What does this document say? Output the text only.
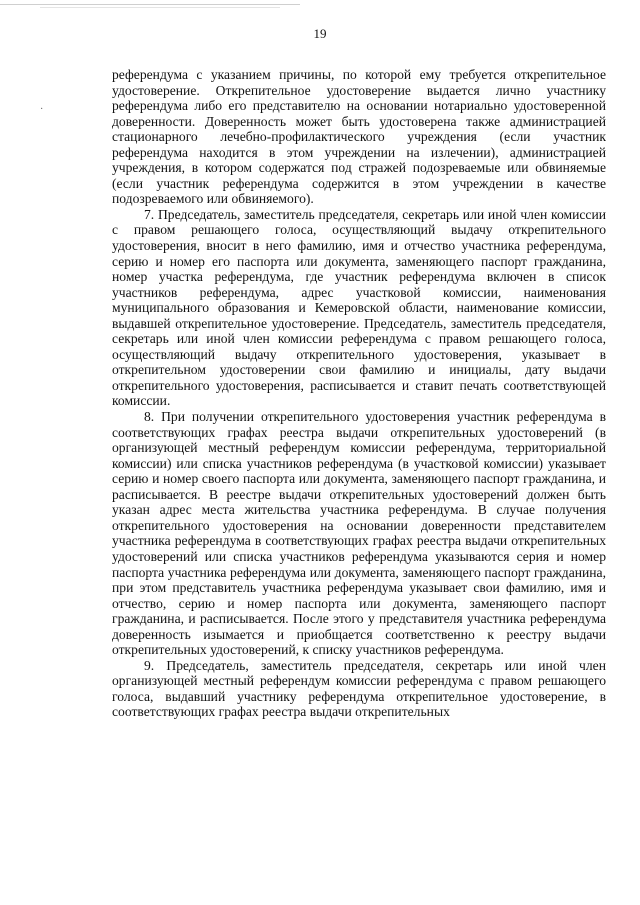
·
19

референдума с указанием причины, по которой ему требуется открепительное удостоверение. Открепительное удостоверение выдается лично участнику референдума либо его представителю на основании нотариально удостоверенной доверенности. Доверенность может быть удостоверена также администрацией стационарного лечебно-профилактического учреждения (если участник референдума находится в этом учреждении на излечении), администрацией учреждения, в котором содержатся под стражей подозреваемые или обвиняемые (если участник референдума содержится в этом учреждении в качестве подозреваемого или обвиняемого).

7. Председатель, заместитель председателя, секретарь или иной член комиссии с правом решающего голоса, осуществляющий выдачу открепительного удостоверения, вносит в него фамилию, имя и отчество участника референдума, серию и номер его паспорта или документа, заменяющего паспорт гражданина, номер участка референдума, где участник референдума включен в список участников референдума, адрес участковой комиссии, наименования муниципального образования и Кемеровской области, наименование комиссии, выдавшей открепительное удостоверение. Председатель, заместитель председателя, секретарь или иной член комиссии референдума с правом решающего голоса, осуществляющий выдачу открепительного удостоверения, указывает в открепительном удостоверении свои фамилию и инициалы, дату выдачи открепительного удостоверения, расписывается и ставит печать соответствующей комиссии.

8. При получении открепительного удостоверения участник референдума в соответствующих графах реестра выдачи открепительных удостоверений (в организующей местный референдум комиссии референдума, территориальной комиссии) или списка участников референдума (в участковой комиссии) указывает серию и номер своего паспорта или документа, заменяющего паспорт гражданина, и расписывается. В реестре выдачи открепительных удостоверений должен быть указан адрес места жительства участника референдума. В случае получения открепительного удостоверения на основании доверенности представителем участника референдума в соответствующих графах реестра выдачи открепительных удостоверений или списка участников референдума указываются серия и номер паспорта участника референдума или документа, заменяющего паспорт гражданина, при этом представитель участника референдума указывает свои фамилию, имя и отчество, серию и номер паспорта или документа, заменяющего паспорт гражданина, и расписывается. После этого у представителя участника референдума доверенность изымается и приобщается соответственно к реестру выдачи открепительных удостоверений, к списку участников референдума.

9. Председатель, заместитель председателя, секретарь или иной член организующей местный референдум комиссии референдума с правом решающего голоса, выдавший участнику референдума открепительное удостоверение, в соответствующих графах реестра выдачи открепительных
